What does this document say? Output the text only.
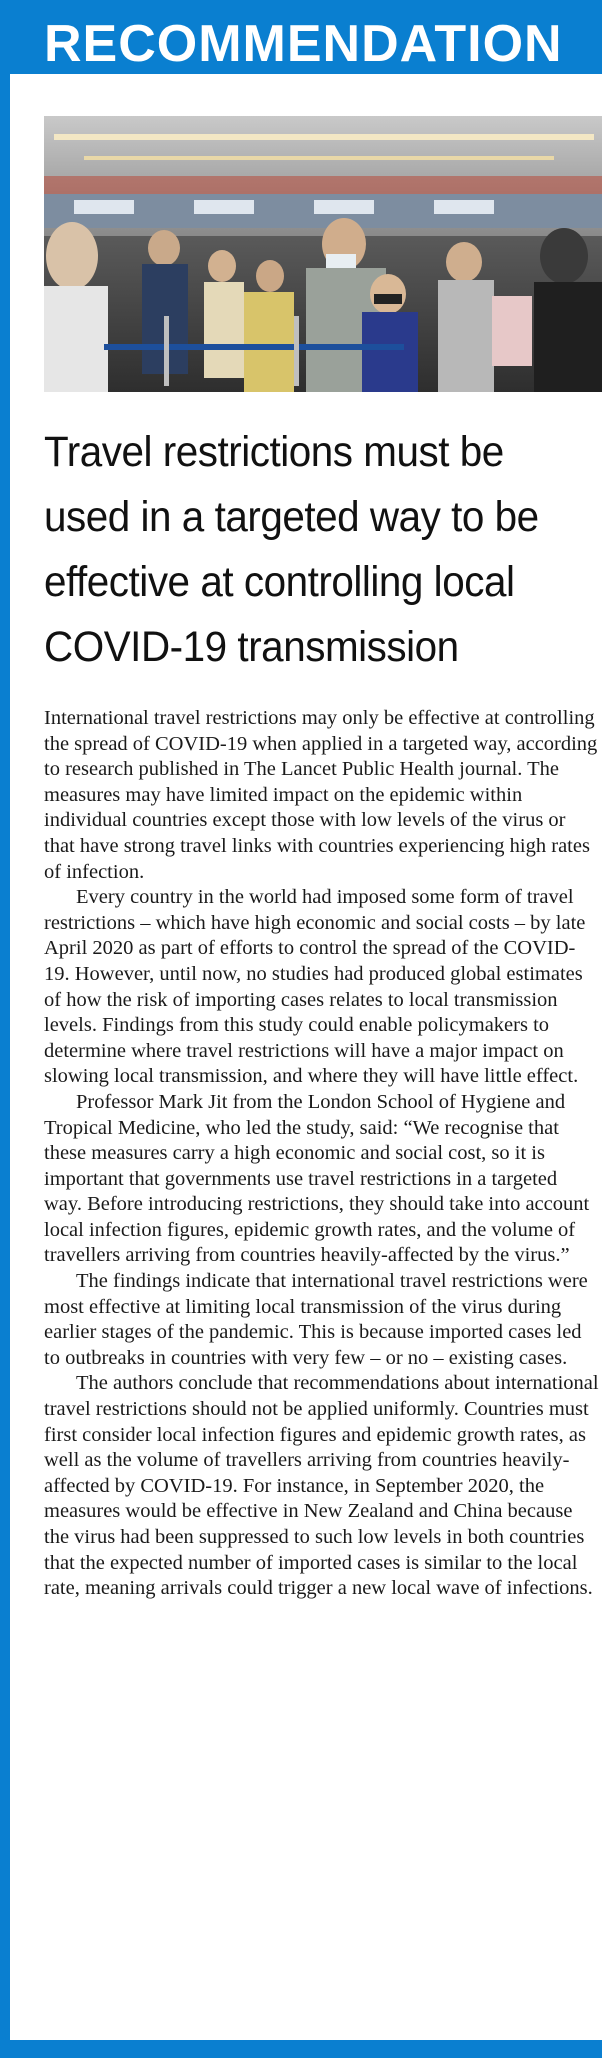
RECOMMENDATION
Travel restrictions must be used in a targeted way to be effective at controlling local COVID-19 transmission

International travel restrictions may only be effective at controlling the spread of COVID-19 when applied in a targeted way, according to research published in The Lancet Public Health journal. The measures may have limited impact on the epidemic within individual countries except those with low levels of the virus or that have strong travel links with countries experiencing high rates of infection.

Every country in the world had imposed some form of travel restrictions – which have high economic and social costs – by late April 2020 as part of efforts to control the spread of the COVID-19. However, until now, no studies had produced global estimates of how the risk of importing cases relates to local transmission levels. Findings from this study could enable policymakers to determine where travel restrictions will have a major impact on slowing local transmission, and where they will have little effect.

Professor Mark Jit from the London School of Hygiene and Tropical Medicine, who led the study, said: “We recognise that these measures carry a high economic and social cost, so it is important that governments use travel restrictions in a targeted way. Before introducing restrictions, they should take into account local infection figures, epidemic growth rates, and the volume of travellers arriving from countries heavily-affected by the virus.”

The findings indicate that international travel restrictions were most effective at limiting local transmission of the virus during earlier stages of the pandemic. This is because imported cases led to outbreaks in countries with very few – or no – existing cases.

The authors conclude that recommendations about international travel restrictions should not be applied uniformly. Countries must first consider local infection figures and epidemic growth rates, as well as the volume of travellers arriving from countries heavily-affected by COVID-19. For instance, in September 2020, the measures would be effective in New Zealand and China because the virus had been suppressed to such low levels in both countries that the expected number of imported cases is similar to the local rate, meaning arrivals could trigger a new local wave of infections.
